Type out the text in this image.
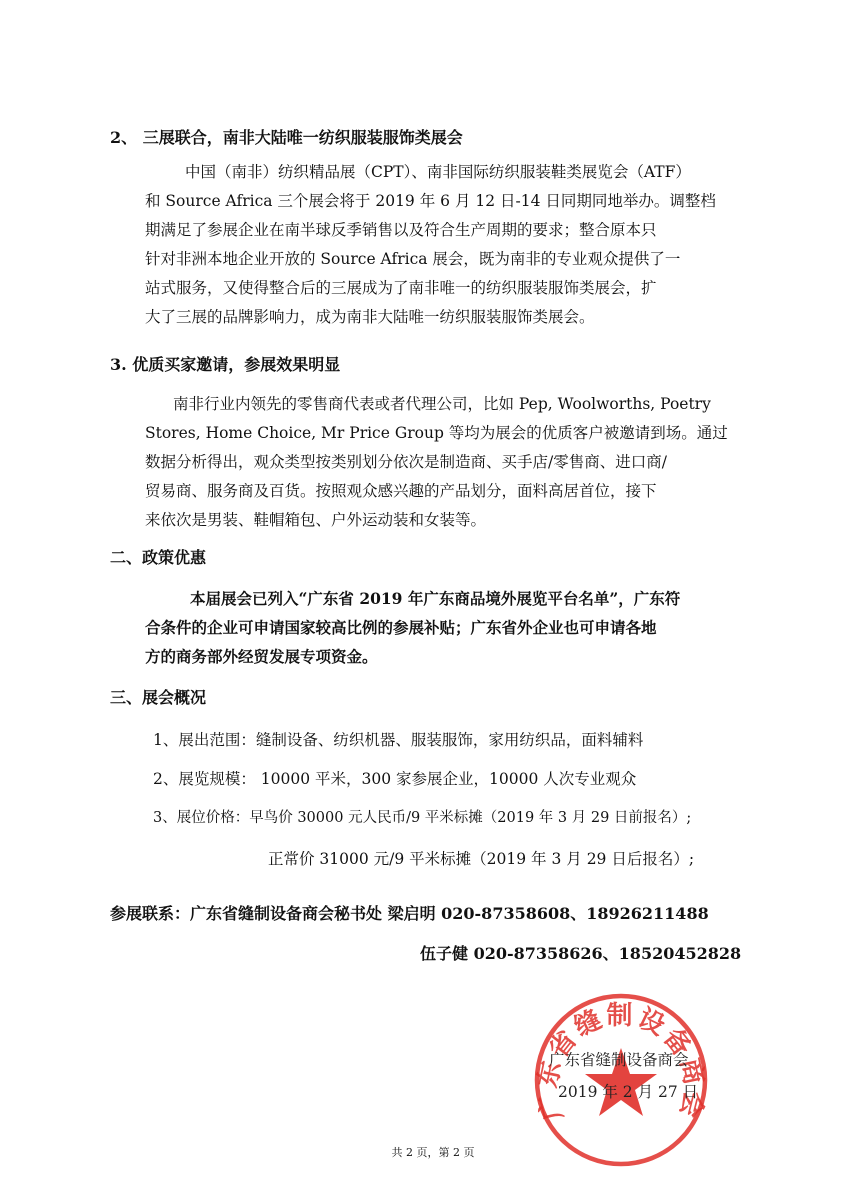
2、 三展联合，南非大陆唯一纺织服装服饰类展会
中国（南非）纺织精品展（CPT）、南非国际纺织服装鞋类展览会（ATF）
和 Source Africa 三个展会将于 2019 年 6 月 12 日-14 日同期同地举办。调整档
期满足了参展企业在南半球反季销售以及符合生产周期的要求；整合原本只
针对非洲本地企业开放的 Source Africa 展会，既为南非的专业观众提供了一
站式服务，又使得整合后的三展成为了南非唯一的纺织服装服饰类展会，扩
大了三展的品牌影响力，成为南非大陆唯一纺织服装服饰类展会。
3. 优质买家邀请，参展效果明显
南非行业内领先的零售商代表或者代理公司，比如 Pep, Woolworths, Poetry
Stores, Home Choice, Mr Price Group 等均为展会的优质客户被邀请到场。通过
数据分析得出，观众类型按类别划分依次是制造商、买手店/零售商、进口商/
贸易商、服务商及百货。按照观众感兴趣的产品划分，面料高居首位，接下
来依次是男装、鞋帽箱包、户外运动装和女装等。
二、政策优惠
本届展会已列入“广东省 2019 年广东商品境外展览平台名单”，广东符
合条件的企业可申请国家较高比例的参展补贴；广东省外企业也可申请各地
方的商务部外经贸发展专项资金。
三、展会概况
1、展出范围：缝制设备、纺织机器、服装服饰，家用纺织品，面料辅料
2、展览规模： 10000 平米，300 家参展企业，10000 人次专业观众
3、展位价格：早鸟价 30000 元人民币/9 平米标摊（2019 年 3 月 29 日前报名）;
正常价 31000 元/9 平米标摊（2019 年 3 月 29 日后报名）;
参展联系：广东省缝制设备商会秘书处 梁启明 020-87358608、18926211488
伍子健 020-87358626、18520452828
广东省缝制设备商会
广东省缝制设备商会
2019 年 2 月 27 日
共 2 页，第 2 页
